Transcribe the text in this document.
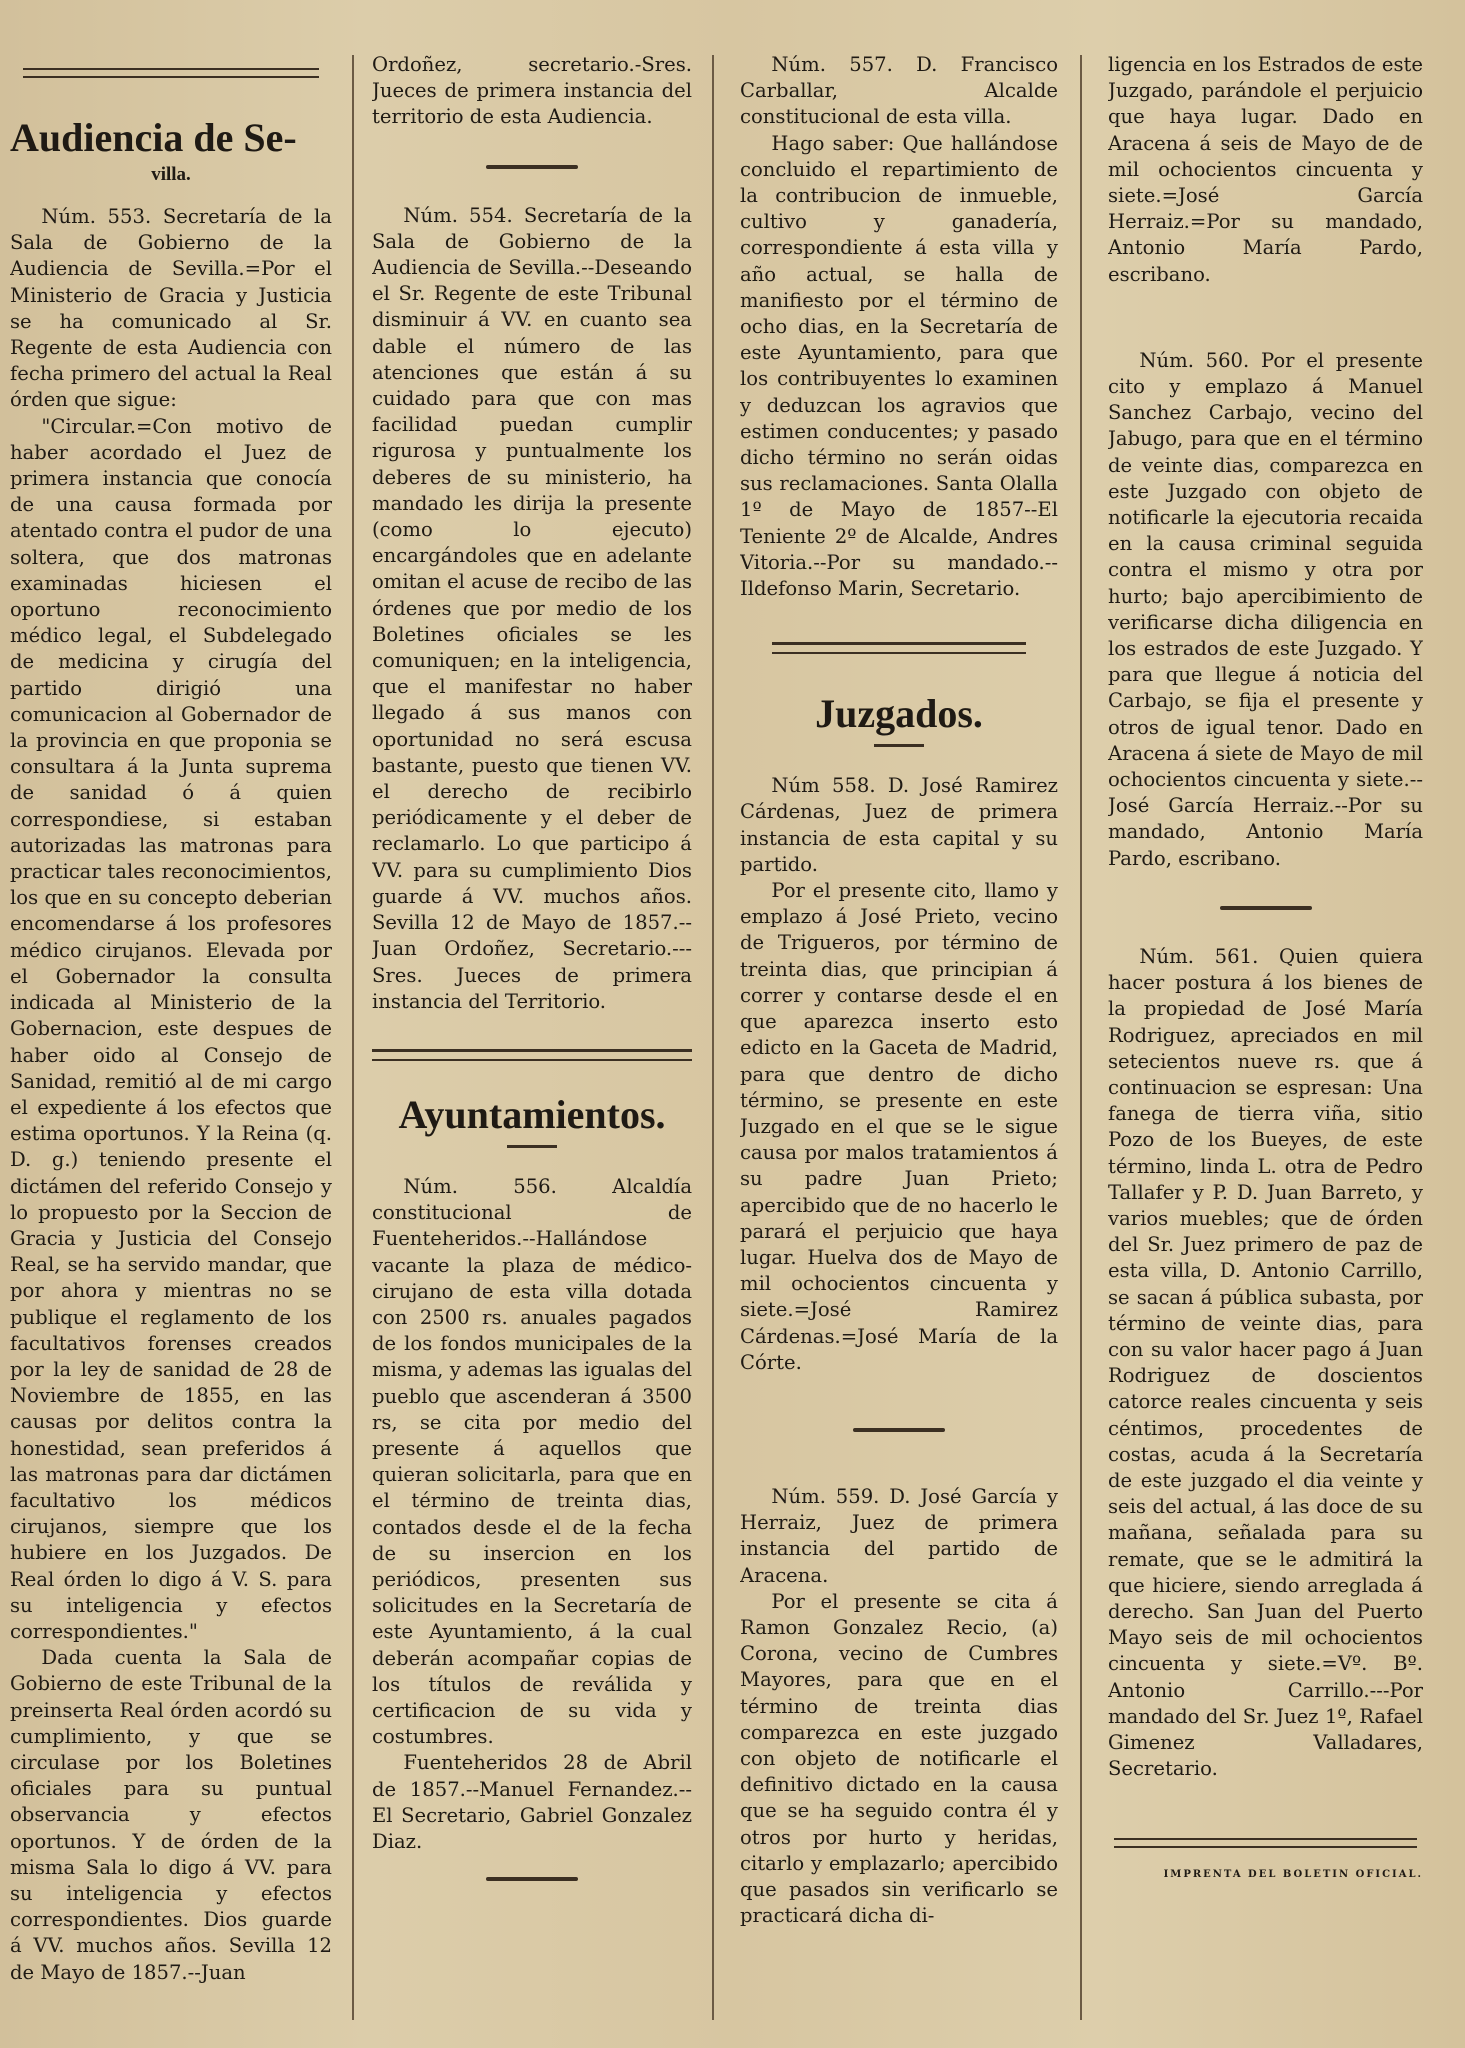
Audiencia de Se-
villa.

Núm. 553. Secretaría de la Sala de Gobierno de la Audiencia de Sevilla.=Por el Ministerio de Gracia y Justicia se ha comunicado al Sr. Regente de esta Audiencia con fecha primero del actual la Real órden que sigue:

"Circular.=Con motivo de haber acordado el Juez de primera instancia que conocía de una causa formada por atentado contra el pudor de una soltera, que dos matronas examinadas hiciesen el oportuno reconocimiento médico legal, el Subdelegado de medicina y cirugía del partido dirigió una comunicacion al Gobernador de la provincia en que proponia se consultara á la Junta suprema de sanidad ó á quien correspondiese, si estaban autorizadas las matronas para practicar tales reconocimientos, los que en su concepto deberian encomendarse á los profesores médico cirujanos. Elevada por el Gobernador la consulta indicada al Ministerio de la Gobernacion, este despues de haber oido al Consejo de Sanidad, remitió al de mi cargo el expediente á los efectos que estima oportunos. Y la Reina (q. D. g.) teniendo presente el dictámen del referido Consejo y lo propuesto por la Seccion de Gracia y Justicia del Consejo Real, se ha servido mandar, que por ahora y mientras no se publique el reglamento de los facultativos forenses creados por la ley de sanidad de 28 de Noviembre de 1855, en las causas por delitos contra la honestidad, sean preferidos á las matronas para dar dictámen facultativo los médicos cirujanos, siempre que los hubiere en los Juzgados. De Real órden lo digo á V. S. para su inteligencia y efectos correspondientes."

Dada cuenta la Sala de Gobierno de este Tribunal de la preinserta Real órden acordó su cumplimiento, y que se circulase por los Boletines oficiales para su puntual observancia y efectos oportunos. Y de órden de la misma Sala lo digo á VV. para su inteligencia y efectos correspondientes. Dios guarde á VV. muchos años. Sevilla 12 de Mayo de 1857.--Juan

Ordoñez, secretario.-Sres. Jueces de primera instancia del territorio de esta Audiencia.

Núm. 554. Secretaría de la Sala de Gobierno de la Audiencia de Sevilla.--Deseando el Sr. Regente de este Tribunal disminuir á VV. en cuanto sea dable el número de las atenciones que están á su cuidado para que con mas facilidad puedan cumplir rigurosa y puntualmente los deberes de su ministerio, ha mandado les dirija la presente (como lo ejecuto) encargándoles que en adelante omitan el acuse de recibo de las órdenes que por medio de los Boletines oficiales se les comuniquen; en la inteligencia, que el manifestar no haber llegado á sus manos con oportunidad no será escusa bastante, puesto que tienen VV. el derecho de recibirlo periódicamente y el deber de reclamarlo. Lo que participo á VV. para su cumplimiento Dios guarde á VV. muchos años. Sevilla 12 de Mayo de 1857.--Juan Ordoñez, Secretario.---Sres. Jueces de primera instancia del Territorio.

Ayuntamientos.

Núm. 556. Alcaldía constitucional de Fuenteheridos.--Hallándose vacante la plaza de médico-cirujano de esta villa dotada con 2500 rs. anuales pagados de los fondos municipales de la misma, y ademas las igualas del pueblo que ascenderan á 3500 rs, se cita por medio del presente á aquellos que quieran solicitarla, para que en el término de treinta dias, contados desde el de la fecha de su insercion en los periódicos, presenten sus solicitudes en la Secretaría de este Ayuntamiento, á la cual deberán acompañar copias de los títulos de reválida y certificacion de su vida y costumbres.

Fuenteheridos 28 de Abril de 1857.--Manuel Fernandez.--El Secretario, Gabriel Gonzalez Diaz.

Núm. 557. D. Francisco Carballar, Alcalde constitucional de esta villa.

Hago saber: Que hallándose concluido el repartimiento de la contribucion de inmueble, cultivo y ganadería, correspondiente á esta villa y año actual, se halla de manifiesto por el término de ocho dias, en la Secretaría de este Ayuntamiento, para que los contribuyentes lo examinen y deduzcan los agravios que estimen conducentes; y pasado dicho término no serán oidas sus reclamaciones. Santa Olalla 1º de Mayo de 1857--El Teniente 2º de Alcalde, Andres Vitoria.--Por su mandado.--Ildefonso Marin, Secretario.

Juzgados.

Núm 558. D. José Ramirez Cárdenas, Juez de primera instancia de esta capital y su partido.

Por el presente cito, llamo y emplazo á José Prieto, vecino de Trigueros, por término de treinta dias, que principian á correr y contarse desde el en que aparezca inserto esto edicto en la Gaceta de Madrid, para que dentro de dicho término, se presente en este Juzgado en el que se le sigue causa por malos tratamientos á su padre Juan Prieto; apercibido que de no hacerlo le parará el perjuicio que haya lugar. Huelva dos de Mayo de mil ochocientos cincuenta y siete.=José Ramirez Cárdenas.=José María de la Córte.

Núm. 559. D. José García y Herraiz, Juez de primera instancia del partido de Aracena.

Por el presente se cita á Ramon Gonzalez Recio, (a) Corona, vecino de Cumbres Mayores, para que en el término de treinta dias comparezca en este juzgado con objeto de notificarle el definitivo dictado en la causa que se ha seguido contra él y otros por hurto y heridas, citarlo y emplazarlo; apercibido que pasados sin verificarlo se practicará dicha di-

ligencia en los Estrados de este Juzgado, parándole el perjuicio que haya lugar. Dado en Aracena á seis de Mayo de de mil ochocientos cincuenta y siete.=José García Herraiz.=Por su mandado, Antonio María Pardo, escribano.

Núm. 560. Por el presente cito y emplazo á Manuel Sanchez Carbajo, vecino del Jabugo, para que en el término de veinte dias, comparezca en este Juzgado con objeto de notificarle la ejecutoria recaida en la causa criminal seguida contra el mismo y otra por hurto; bajo apercibimiento de verificarse dicha diligencia en los estrados de este Juzgado. Y para que llegue á noticia del Carbajo, se fija el presente y otros de igual tenor. Dado en Aracena á siete de Mayo de mil ochocientos cincuenta y siete.--José García Herraiz.--Por su mandado, Antonio María Pardo, escribano.

Núm. 561. Quien quiera hacer postura á los bienes de la propiedad de José María Rodriguez, apreciados en mil setecientos nueve rs. que á continuacion se espresan: Una fanega de tierra viña, sitio Pozo de los Bueyes, de este término, linda L. otra de Pedro Tallafer y P. D. Juan Barreto, y varios muebles; que de órden del Sr. Juez primero de paz de esta villa, D. Antonio Carrillo, se sacan á pública subasta, por término de veinte dias, para con su valor hacer pago á Juan Rodriguez de doscientos catorce reales cincuenta y seis céntimos, procedentes de costas, acuda á la Secretaría de este juzgado el dia veinte y seis del actual, á las doce de su mañana, señalada para su remate, que se le admitirá la que hiciere, siendo arreglada á derecho. San Juan del Puerto Mayo seis de mil ochocientos cincuenta y siete.=Vº. Bº. Antonio Carrillo.---Por mandado del Sr. Juez 1º, Rafael Gimenez Valladares, Secretario.

IMPRENTA DEL BOLETIN OFICIAL.
